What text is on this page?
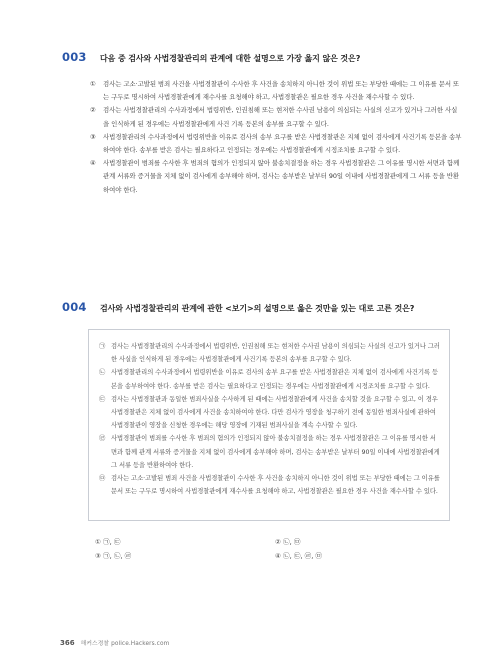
003	다음 중 검사와 사법경찰관리의 관계에 대한 설명으로 가장 옳지 않은 것은?
①	검사는 고소·고발된 범죄 사건을 사법경찰관이 수사한 후 사건을 송치하지 아니한 것이 위법 또는 부당한 때에는 그 이유를 문서 또는 구두로 명시하여 사법경찰관에게 재수사를 요청해야 하고, 사법경찰관은 필요한 경우 사건을 재수사할 수 있다.
②	검사는 사법경찰관리의 수사과정에서 법령위반, 인권침해 또는 현저한 수사권 남용이 의심되는 사실의 신고가 있거나 그러한 사실을 인식하게 된 경우에는 사법경찰관에게 사건 기록 등본의 송부를 요구할 수 있다.
③	사법경찰관리의 수사과정에서 법령위반을 이유로 검사의 송부 요구를 받은 사법경찰관은 지체 없이 검사에게 사건기록 등본을 송부하여야 한다. 송부를 받은 검사는 필요하다고 인정되는 경우에는 사법경찰관에게 시정조치를 요구할 수 있다.
④	사법경찰관이 범죄를 수사한 후 범죄의 혐의가 인정되지 않아 불송치결정을 하는 경우 사법경찰관은 그 이유를 명시한 서면과 함께 관계 서류와 증거물을 지체 없이 검사에게 송부해야 하며, 검사는 송부받은 날부터 90일 이내에 사법경찰관에게 그 서류 등을 반환하여야 한다.
004	검사와 사법경찰관리의 관계에 관한 <보기>의 설명으로 옳은 것만을 있는 대로 고른 것은?
㉠ 검사는 사법경찰관리의 수사과정에서 법령위반, 인권침해 또는 현저한 수사권 남용이 의심되는 사실의 신고가 있거나 그러한 사실을 인식하게 된 경우에는 사법경찰관에게 사건기록 등본의 송부를 요구할 수 있다.
㉡ 사법경찰관리의 수사과정에서 법령위반을 이유로 검사의 송부 요구를 받은 사법경찰관은 지체 없이 검사에게 사건기록 등본을 송부하여야 한다. 송부를 받은 검사는 필요하다고 인정되는 경우에는 사법경찰관에게 시정조치를 요구할 수 있다.
㉢ 검사는 사법경찰관과 동일한 범죄사실을 수사하게 된 때에는 사법경찰관에게 사건을 송치할 것을 요구할 수 있고, 이 경우 사법경찰관은 지체 없이 검사에게 사건을 송치하여야 한다. 다만 검사가 영장을 청구하기 전에 동일한 범죄사실에 관하여 사법경찰관이 영장을 신청한 경우에는 해당 영장에 기재된 범죄사실을 계속 수사할 수 있다.
㉣ 사법경찰관이 범죄를 수사한 후 범죄의 혐의가 인정되지 않아 불송치결정을 하는 경우 사법경찰관은 그 이유를 명시한 서면과 함께 관계 서류와 증거물을 지체 없이 검사에게 송부해야 하며, 검사는 송부받은 날부터 90일 이내에 사법경찰관에게 그 서류 등을 반환하여야 한다.
㉤ 검사는 고소·고발된 범죄 사건을 사법경찰관이 수사한 후 사건을 송치하지 아니한 것이 위법 또는 부당한 때에는 그 이유를 문서 또는 구두로 명시하여 사법경찰관에게 재수사를 요청해야 하고, 사법경찰관은 필요한 경우 사건을 재수사할 수 있다.
① ㉠, ㉢	② ㉡, ㉤
③ ㉠, ㉡, ㉣	④ ㉡, ㉢, ㉣, ㉤
366 해커스경찰 police.Hackers.com
